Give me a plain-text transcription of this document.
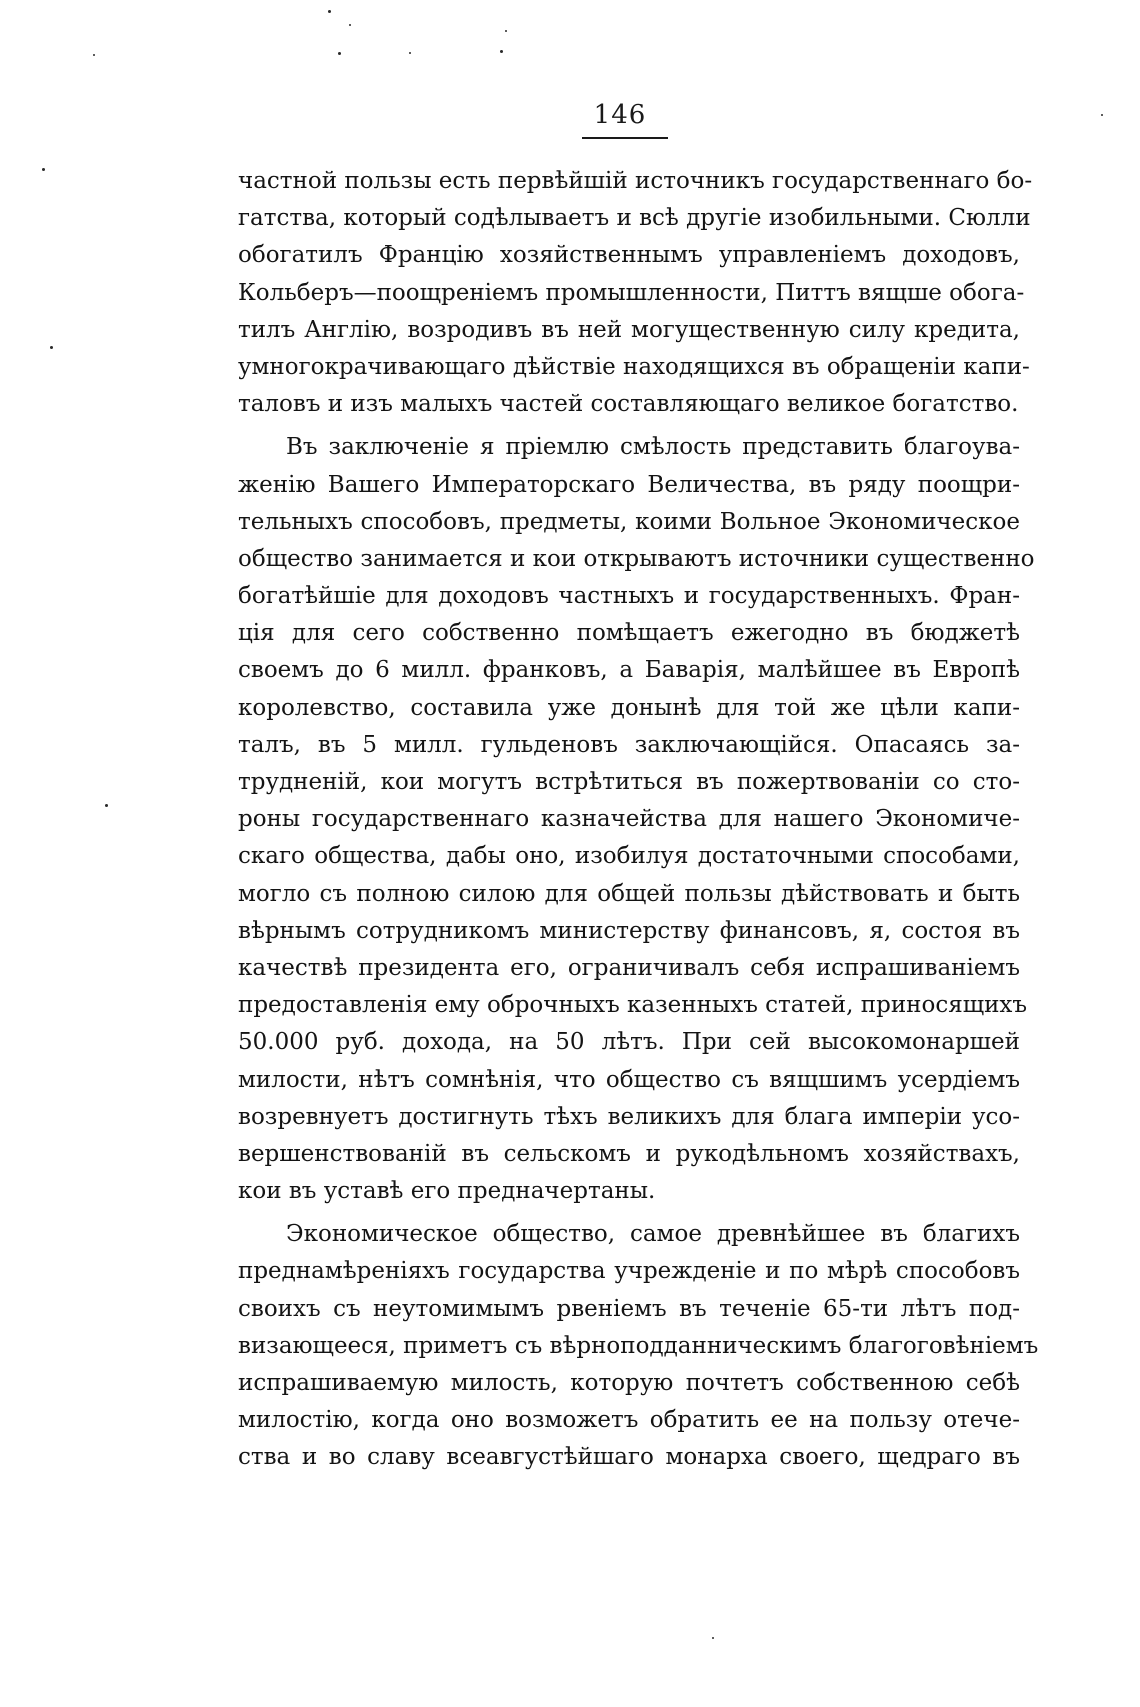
146
частной пользы есть первѣйшій источникъ государственнаго бо-
гатства, который содѣлываетъ и всѣ другіе изобильными. Сюлли
обогатилъ Францію хозяйственнымъ управленіемъ доходовъ,
Кольберъ—поощреніемъ промышленности, Питтъ вящше обога-
тилъ Англію, возродивъ въ ней могущественную силу кредита,
умногокрачивающаго дѣйствіе находящихся въ обращеніи капи-
таловъ и изъ малыхъ частей составляющаго великое богатство.
Въ заключеніе я пріемлю смѣлость представить благоува-
женію Вашего Императорскаго Величества, въ ряду поощри-
тельныхъ способовъ, предметы, коими Вольное Экономическое
общество занимается и кои открываютъ источники существенно
богатѣйшіе для доходовъ частныхъ и государственныхъ. Фран-
ція для сего собственно помѣщаетъ ежегодно въ бюджетѣ
своемъ до 6 милл. франковъ, а Баварія, малѣйшее въ Европѣ
королевство, составила уже донынѣ для той же цѣли капи-
талъ, въ 5 милл. гульденовъ заключающійся. Опасаясь за-
трудненій, кои могутъ встрѣтиться въ пожертвованіи со сто-
роны государственнаго казначейства для нашего Экономиче-
скаго общества, дабы оно, изобилуя достаточными способами,
могло съ полною силою для общей пользы дѣйствовать и быть
вѣрнымъ сотрудникомъ министерству финансовъ, я, состоя въ
качествѣ президента его, ограничивалъ себя испрашиваніемъ
предоставленія ему оброчныхъ казенныхъ статей, приносящихъ
50.000 руб. дохода, на 50 лѣтъ. При сей высокомонаршей
милости, нѣтъ сомнѣнія, что общество съ вящшимъ усердіемъ
возревнуетъ достигнуть тѣхъ великихъ для блага имперіи усо-
вершенствованій въ сельскомъ и рукодѣльномъ хозяйствахъ,
кои въ уставѣ его предначертаны.
Экономическое общество, самое древнѣйшее въ благихъ
преднамѣреніяхъ государства учрежденіе и по мѣрѣ способовъ
своихъ съ неутомимымъ рвеніемъ въ теченіе 65-ти лѣтъ под-
визающееся, приметъ съ вѣрноподданническимъ благоговѣніемъ
испрашиваемую милость, которую почтетъ собственною себѣ
милостію, когда оно возможетъ обратить ее на пользу отече-
ства и во славу всеавгустѣйшаго монарха своего, щедраго въ
